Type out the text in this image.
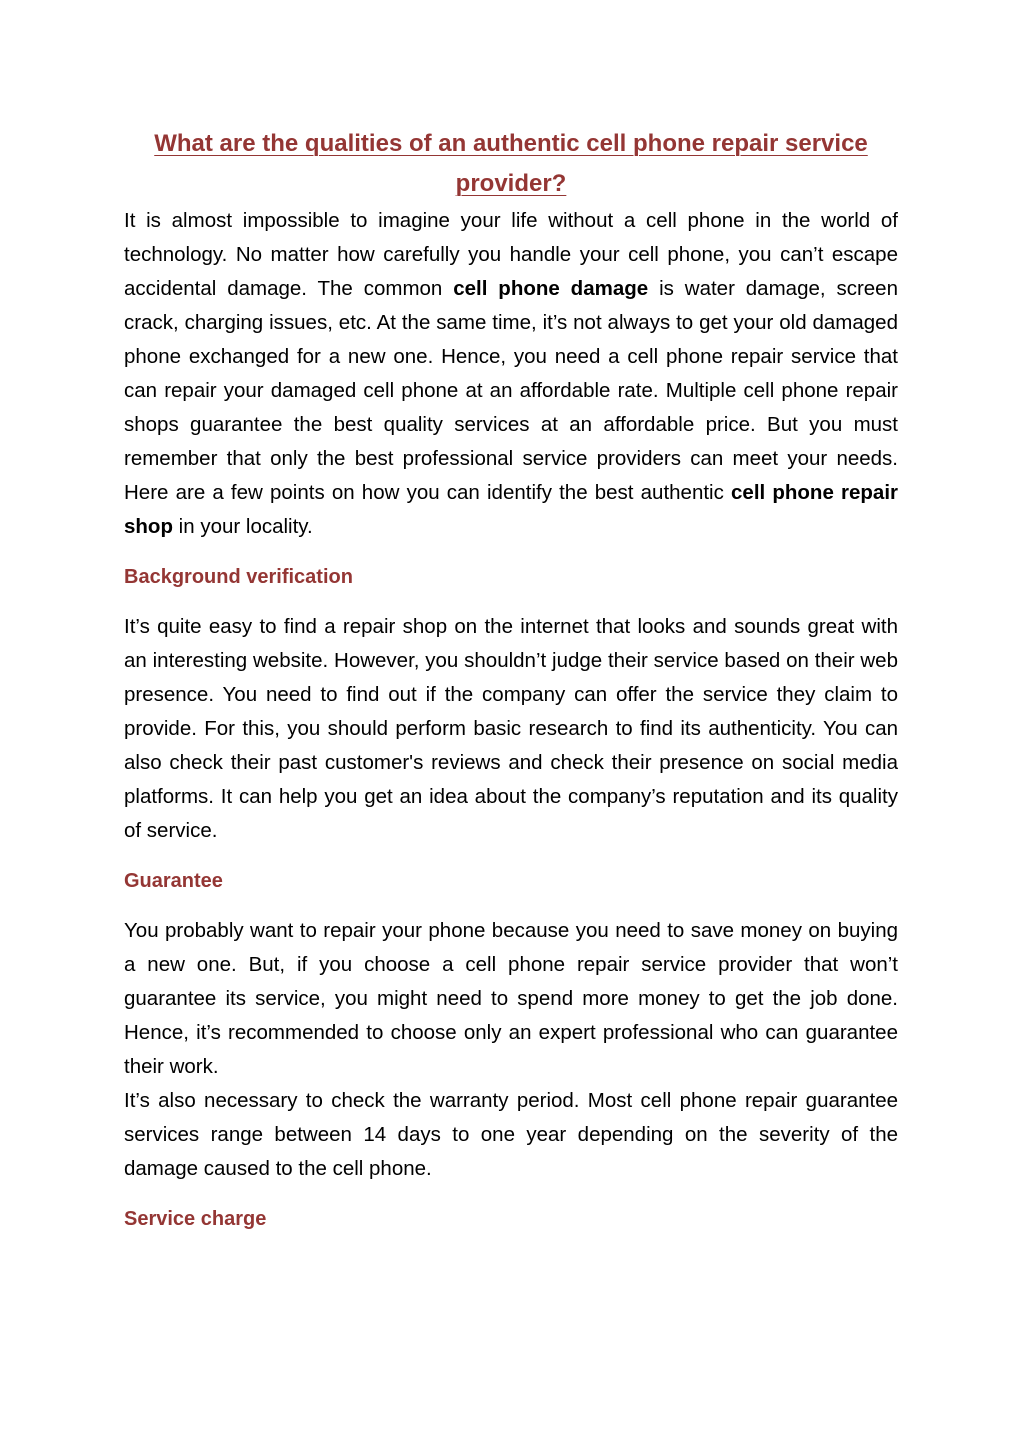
What are the qualities of an authentic cell phone repair service provider?

It is almost impossible to imagine your life without a cell phone in the world of technology. No matter how carefully you handle your cell phone, you can’t escape accidental damage. The common cell phone damage is water damage, screen crack, charging issues, etc. At the same time, it’s not always to get your old damaged phone exchanged for a new one. Hence, you need a cell phone repair service that can repair your damaged cell phone at an affordable rate. Multiple cell phone repair shops guarantee the best quality services at an affordable price. But you must remember that only the best professional service providers can meet your needs. Here are a few points on how you can identify the best authentic cell phone repair shop in your locality.

Background verification

It’s quite easy to find a repair shop on the internet that looks and sounds great with an interesting website. However, you shouldn’t judge their service based on their web presence. You need to find out if the company can offer the service they claim to provide. For this, you should perform basic research to find its authenticity. You can also check their past customer's reviews and check their presence on social media platforms. It can help you get an idea about the company’s reputation and its quality of service.

Guarantee

You probably want to repair your phone because you need to save money on buying a new one. But, if you choose a cell phone repair service provider that won’t guarantee its service, you might need to spend more money to get the job done. Hence, it’s recommended to choose only an expert professional who can guarantee their work.

It’s also necessary to check the warranty period. Most cell phone repair guarantee services range between 14 days to one year depending on the severity of the damage caused to the cell phone.

Service charge
